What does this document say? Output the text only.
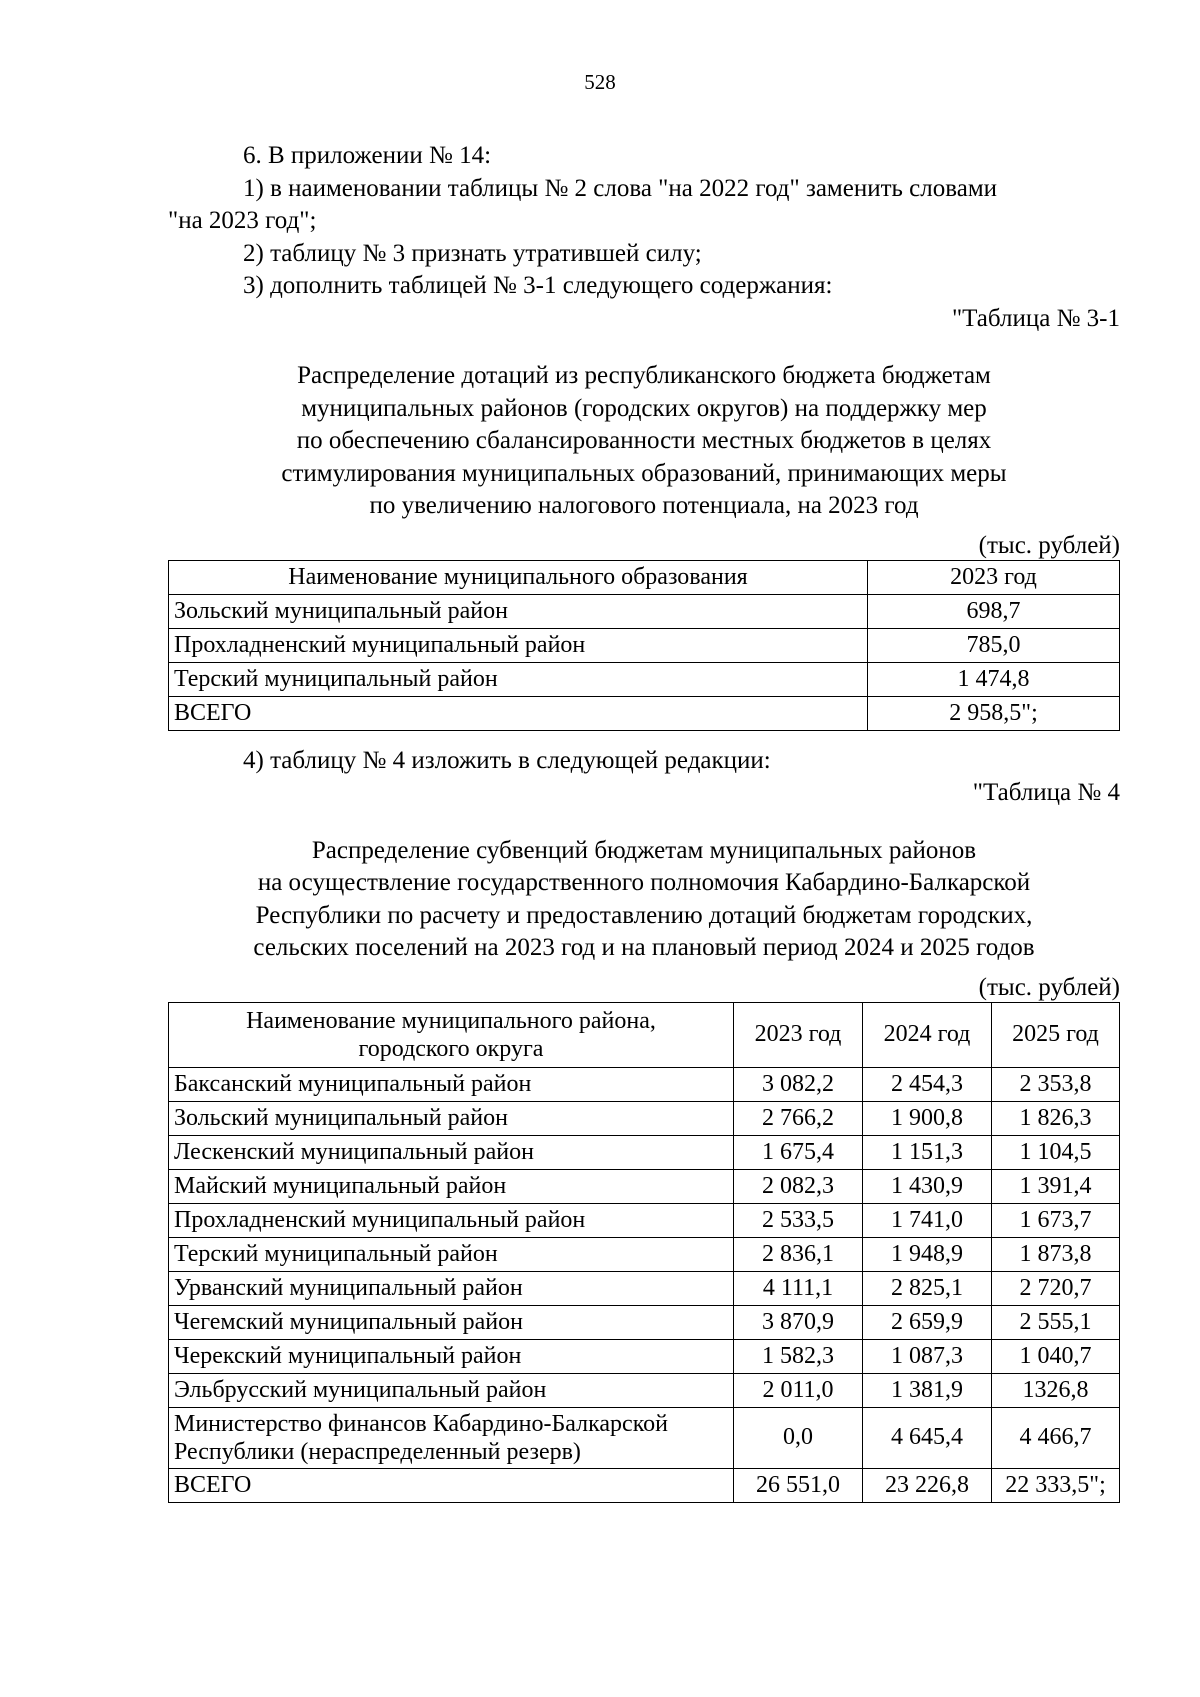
528

6. В приложении № 14:

1) в наименовании таблицы № 2 слова "на 2022 год" заменить словами

"на 2023 год";

2) таблицу № 3 признать утратившей силу;

3) дополнить таблицей № 3-1 следующего содержания:

"Таблица № 3-1

Распределение дотаций из республиканского бюджета бюджетам
муниципальных районов (городских округов) на поддержку мер
по обеспечению сбалансированности местных бюджетов в целях
стимулирования муниципальных образований, принимающих меры
по увеличению налогового потенциала, на 2023 год
(тыс. рублей)
Наименование муниципального образования	2023 год
Зольский муниципальный район	698,7
Прохладненский муниципальный район	785,0
Терский муниципальный район	1 474,8
ВСЕГО	2 958,5";

4) таблицу № 4 изложить в следующей редакции:

"Таблица № 4

Распределение субвенций бюджетам муниципальных районов
на осуществление государственного полномочия Кабардино-Балкарской
Республики по расчету и предоставлению дотаций бюджетам городских,
сельских поселений на 2023 год и на плановый период 2024 и 2025 годов
(тыс. рублей)
Наименование муниципального района,
городского округа	2023 год	2024 год	2025 год
Баксанский муниципальный район	3 082,2	2 454,3	2 353,8
Зольский муниципальный район	2 766,2	1 900,8	1 826,3
Лескенский муниципальный район	1 675,4	1 151,3	1 104,5
Майский муниципальный район	2 082,3	1 430,9	1 391,4
Прохладненский муниципальный район	2 533,5	1 741,0	1 673,7
Терский муниципальный район	2 836,1	1 948,9	1 873,8
Урванский муниципальный район	4 111,1	2 825,1	2 720,7
Чегемский муниципальный район	3 870,9	2 659,9	2 555,1
Черекский муниципальный район	1 582,3	1 087,3	1 040,7
Эльбрусский муниципальный район	2 011,0	1 381,9	1326,8

Министерство финансов Кабардино-Балкарской
Республики (нераспределенный резерв)	0,0	4 645,4	4 466,7
ВСЕГО	26 551,0	23 226,8	22 333,5";
